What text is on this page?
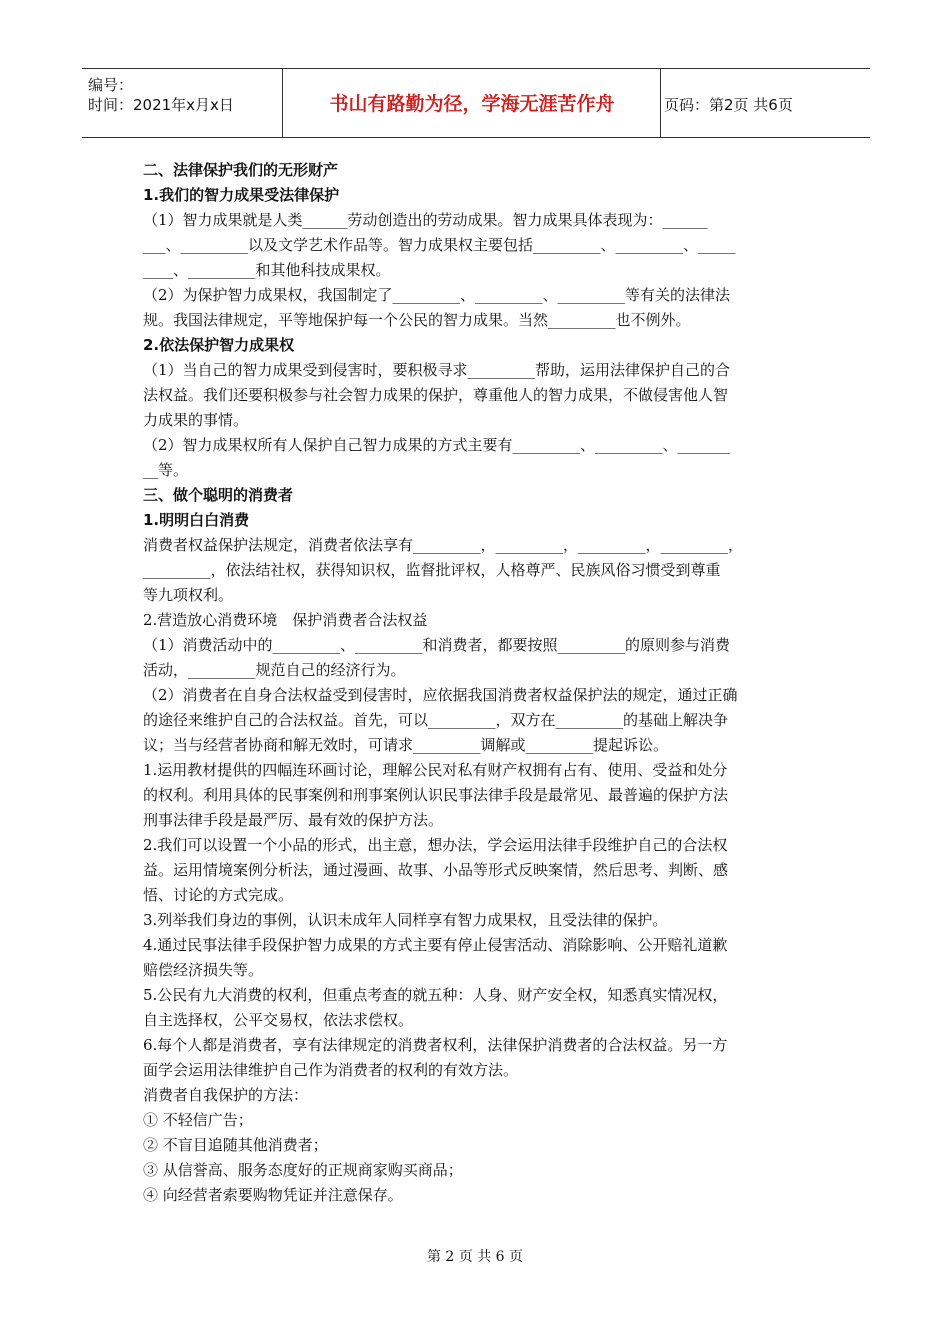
编号：
时间：2021年x月x日	书山有路勤为径，学海无涯苦作舟	页码：第2页 共6页

二、法律保护我们的无形财产

1.我们的智力成果受法律保护

（1）智力成果就是人类______劳动创造出的劳动成果。智力成果具体表现为：______

___、_________以及文学艺术作品等。智力成果权主要包括_________、_________、_____

____、_________和其他科技成果权。

（2）为保护智力成果权，我国制定了_________、_________、_________等有关的法律法

规。我国法律规定，平等地保护每一个公民的智力成果。当然_________也不例外。

2.依法保护智力成果权

（1）当自己的智力成果受到侵害时，要积极寻求_________帮助，运用法律保护自己的合

法权益。我们还要积极参与社会智力成果的保护，尊重他人的智力成果，不做侵害他人智

力成果的事情。

（2）智力成果权所有人保护自己智力成果的方式主要有_________、_________、_______

__等。

三、做个聪明的消费者

1.明明白白消费

消费者权益保护法规定，消费者依法享有_________，_________，_________，_________，

_________，依法结社权，获得知识权，监督批评权，人格尊严、民族风俗习惯受到尊重

等九项权利。

2.营造放心消费环境　保护消费者合法权益

（1）消费活动中的_________、_________和消费者，都要按照_________的原则参与消费

活动，_________规范自己的经济行为。

（2）消费者在自身合法权益受到侵害时，应依据我国消费者权益保护法的规定，通过正确

的途径来维护自己的合法权益。首先，可以_________，双方在_________的基础上解决争

议；当与经营者协商和解无效时，可请求_________调解或_________提起诉讼。

1.运用教材提供的四幅连环画讨论，理解公民对私有财产权拥有占有、使用、受益和处分

的权利。利用具体的民事案例和刑事案例认识民事法律手段是最常见、最普遍的保护方法

刑事法律手段是最严厉、最有效的保护方法。

2.我们可以设置一个小品的形式，出主意，想办法，学会运用法律手段维护自己的合法权

益。运用情境案例分析法，通过漫画、故事、小品等形式反映案情，然后思考、判断、感

悟、讨论的方式完成。

3.列举我们身边的事例，认识未成年人同样享有智力成果权，且受法律的保护。

4.通过民事法律手段保护智力成果的方式主要有停止侵害活动、消除影响、公开赔礼道歉

赔偿经济损失等。

5.公民有九大消费的权利，但重点考查的就五种：人身、财产安全权，知悉真实情况权，

自主选择权，公平交易权，依法求偿权。

6.每个人都是消费者，享有法律规定的消费者权利，法律保护消费者的合法权益。另一方

面学会运用法律维护自己作为消费者的权利的有效方法。

消费者自我保护的方法：

① 不轻信广告；

② 不盲目追随其他消费者；

③ 从信誉高、服务态度好的正规商家购买商品；

④ 向经营者索要购物凭证并注意保存。

第 2 页 共 6 页
